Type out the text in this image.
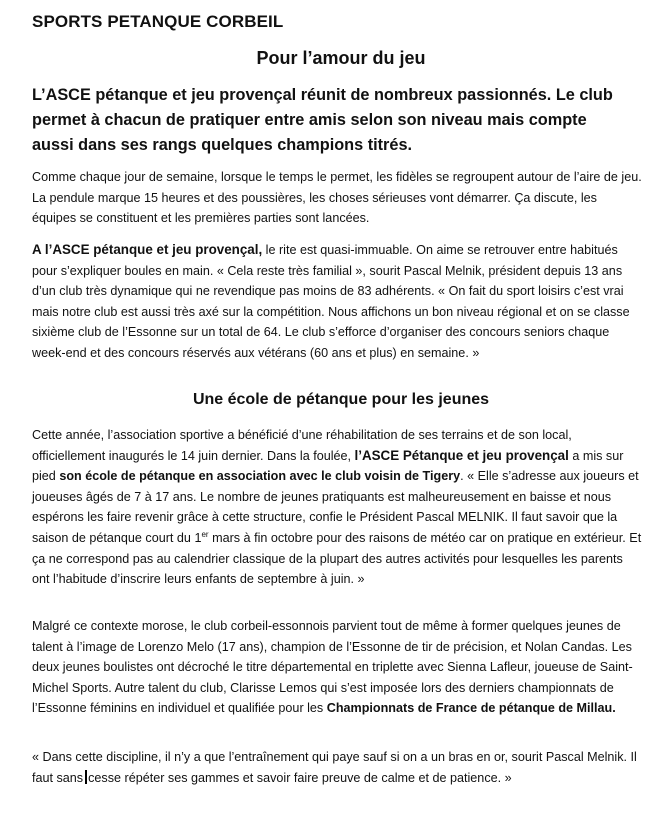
SPORTS PETANQUE CORBEIL
Pour l’amour du jeu
L’ASCE pétanque et jeu provençal réunit de nombreux passionnés. Le club permet à chacun de pratiquer entre amis selon son niveau mais compte aussi dans ses rangs quelques champions titrés.
Comme chaque jour de semaine, lorsque le temps le permet, les fidèles se regroupent autour de l’aire de jeu. La pendule marque 15 heures et des poussières, les choses sérieuses vont démarrer. Ça discute, les équipes se constituent et les premières parties sont lancées.
A l’ASCE pétanque et jeu provençal, le rite est quasi-immuable. On aime se retrouver entre habitués pour s’expliquer boules en main. « Cela reste très familial », sourit Pascal Melnik, président depuis 13 ans d’un club très dynamique qui ne revendique pas moins de 83 adhérents. « On fait du sport loisirs c’est vrai mais notre club est aussi très axé sur la compétition. Nous affichons un bon niveau régional et on se classe sixième club de l’Essonne sur un total de 64. Le club s’efforce d’organiser des concours seniors chaque week-end et des concours réservés aux vétérans (60 ans et plus) en semaine. »
Une école de pétanque pour les jeunes
Cette année, l’association sportive a bénéficié d’une réhabilitation de ses terrains et de son local, officiellement inaugurés le 14 juin dernier. Dans la foulée, l’ASCE Pétanque et jeu provençal a mis sur pied son école de pétanque en association avec le club voisin de Tigery. « Elle s’adresse aux joueurs et joueuses âgés de 7 à 17 ans. Le nombre de jeunes pratiquants est malheureusement en baisse et nous espérons les faire revenir grâce à cette structure, confie le Président Pascal MELNIK. Il faut savoir que la saison de pétanque court du 1er mars à fin octobre pour des raisons de météo car on pratique en extérieur. Et ça ne correspond pas au calendrier classique de la plupart des autres activités pour lesquelles les parents ont l’habitude d’inscrire leurs enfants de septembre à juin. »
Malgré ce contexte morose, le club corbeil-essonnois parvient tout de même à former quelques jeunes de talent à l’image de Lorenzo Melo (17 ans), champion de l’Essonne de tir de précision, et Nolan Candas. Les deux jeunes boulistes ont décroché le titre départemental en triplette avec Sienna Lafleur, joueuse de Saint-Michel Sports. Autre talent du club, Clarisse Lemos qui s’est imposée lors des derniers championnats de l’Essonne féminins en individuel et qualifiée pour les Championnats de France de pétanque de Millau.
« Dans cette discipline, il n’y a que l’entraînement qui paye sauf si on a un bras en or, sourit Pascal Melnik. Il faut sans cesse répéter ses gammes et savoir faire preuve de calme et de patience. »
